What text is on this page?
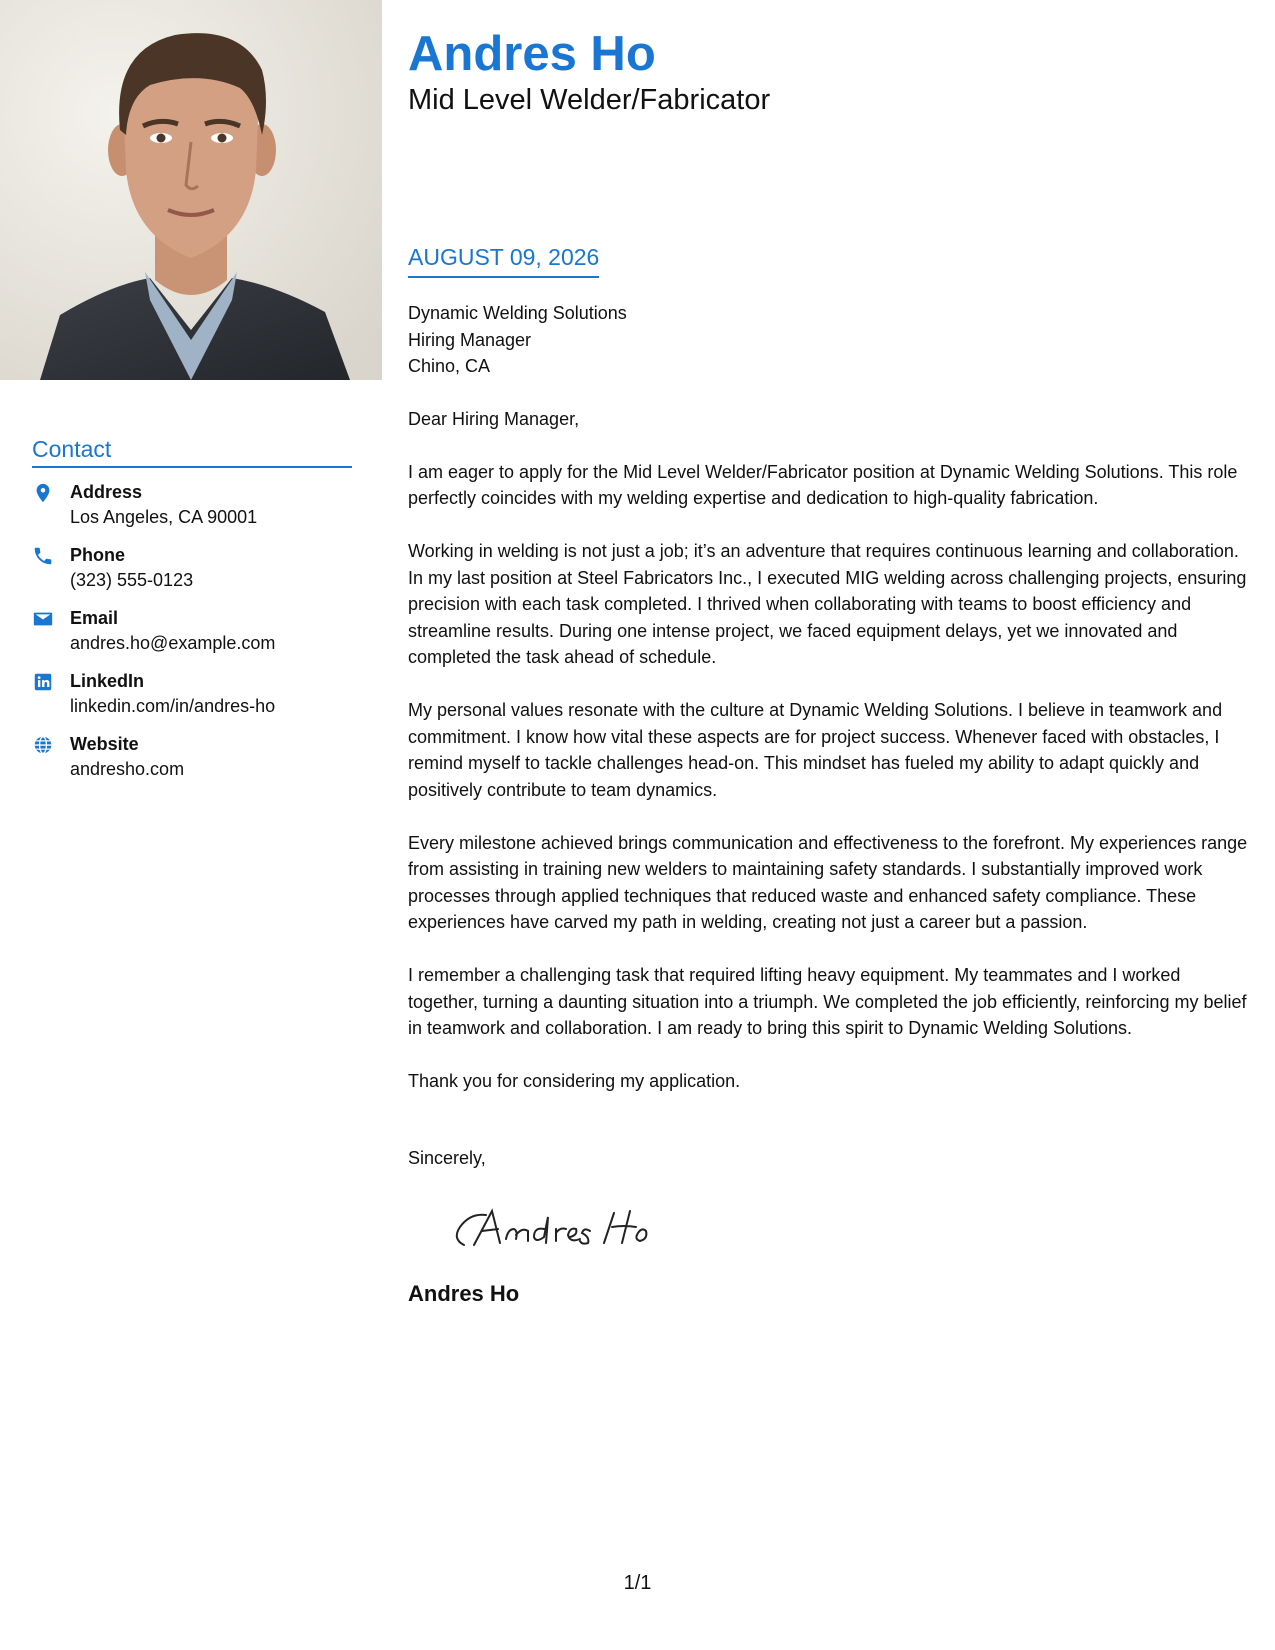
Contact
Address
Los Angeles, CA 90001
Phone
(323) 555-0123
Email
andres.ho@example.com
LinkedIn
linkedin.com/in/andres-ho
Website
andresho.com
Andres Ho
Mid Level Welder/Fabricator
AUGUST 09, 2026
Dynamic Welding Solutions
Hiring Manager
Chino, CA
Dear Hiring Manager,
I am eager to apply for the Mid Level Welder/Fabricator position at Dynamic Welding Solutions. This role perfectly coincides with my welding expertise and dedication to high-quality fabrication.
Working in welding is not just a job; it’s an adventure that requires continuous learning and collaboration. In my last position at Steel Fabricators Inc., I executed MIG welding across challenging projects, ensuring precision with each task completed. I thrived when collaborating with teams to boost efficiency and streamline results. During one intense project, we faced equipment delays, yet we innovated and completed the task ahead of schedule.
My personal values resonate with the culture at Dynamic Welding Solutions. I believe in teamwork and commitment. I know how vital these aspects are for project success. Whenever faced with obstacles, I remind myself to tackle challenges head-on. This mindset has fueled my ability to adapt quickly and positively contribute to team dynamics.
Every milestone achieved brings communication and effectiveness to the forefront. My experiences range from assisting in training new welders to maintaining safety standards. I substantially improved work processes through applied techniques that reduced waste and enhanced safety compliance. These experiences have carved my path in welding, creating not just a career but a passion.
I remember a challenging task that required lifting heavy equipment. My teammates and I worked together, turning a daunting situation into a triumph. We completed the job efficiently, reinforcing my belief in teamwork and collaboration. I am ready to bring this spirit to Dynamic Welding Solutions.
Thank you for considering my application.
Sincerely,
Andres Ho
1/1
